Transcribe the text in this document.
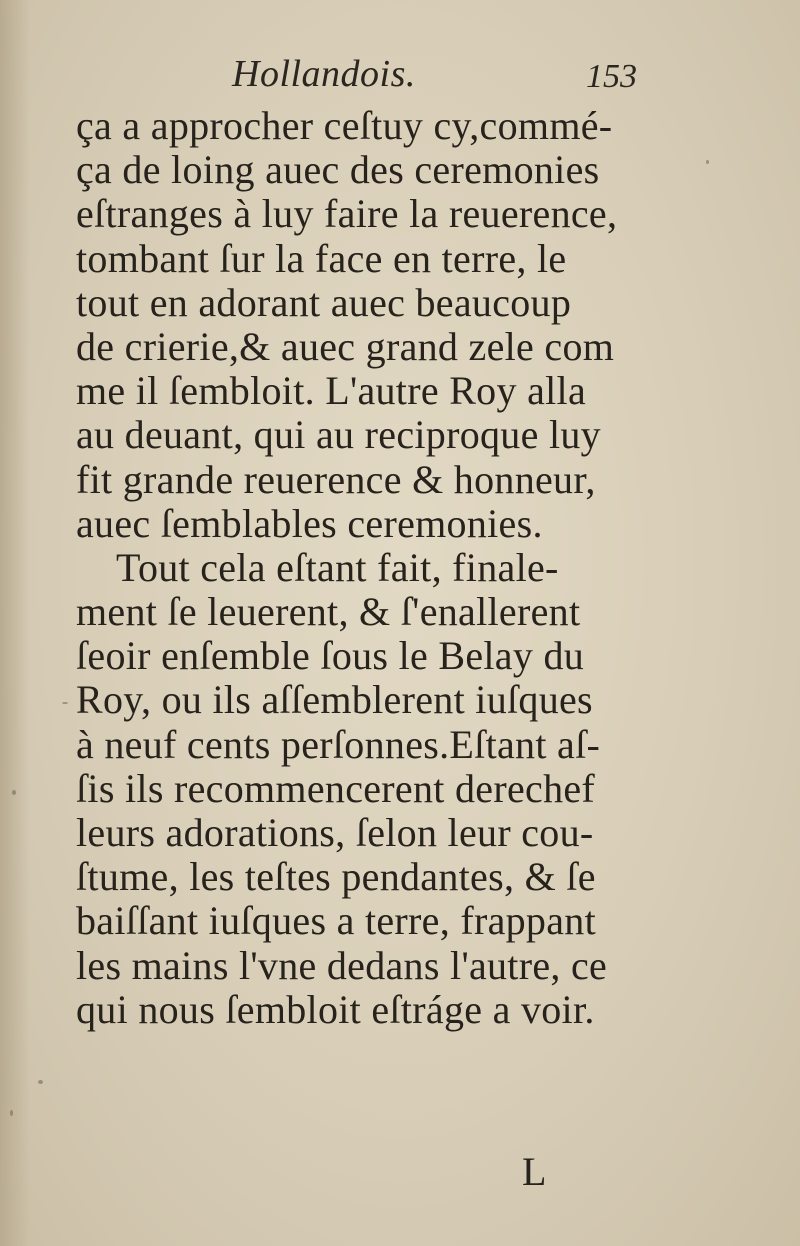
Hollandois.	153
ça a approcher ceſtuy cy,commé-
ça de loing auec des ceremonies
eſtranges à luy faire la reuerence,
tombant ſur la face en terre, le
tout en adorant auec beaucoup
de crierie,& auec grand zele com
me il ſembloit. L'autre Roy alla
au deuant, qui au reciproque luy
fit grande reuerence & honneur,
auec ſemblables ceremonies.
Tout cela eſtant fait, finale-
ment ſe leuerent, & ſ'enallerent
ſeoir enſemble ſous le Belay du
Roy, ou ils aſſemblerent iuſques
à neuf cents perſonnes.Eſtant aſ-
ſis ils recommencerent derechef
leurs adorations, ſelon leur cou-
ſtume, les teſtes pendantes, & ſe
baiſſant iuſques a terre, frappant
les mains l'vne dedans l'autre, ce
qui nous ſembloit eſtráge a voir.
L
